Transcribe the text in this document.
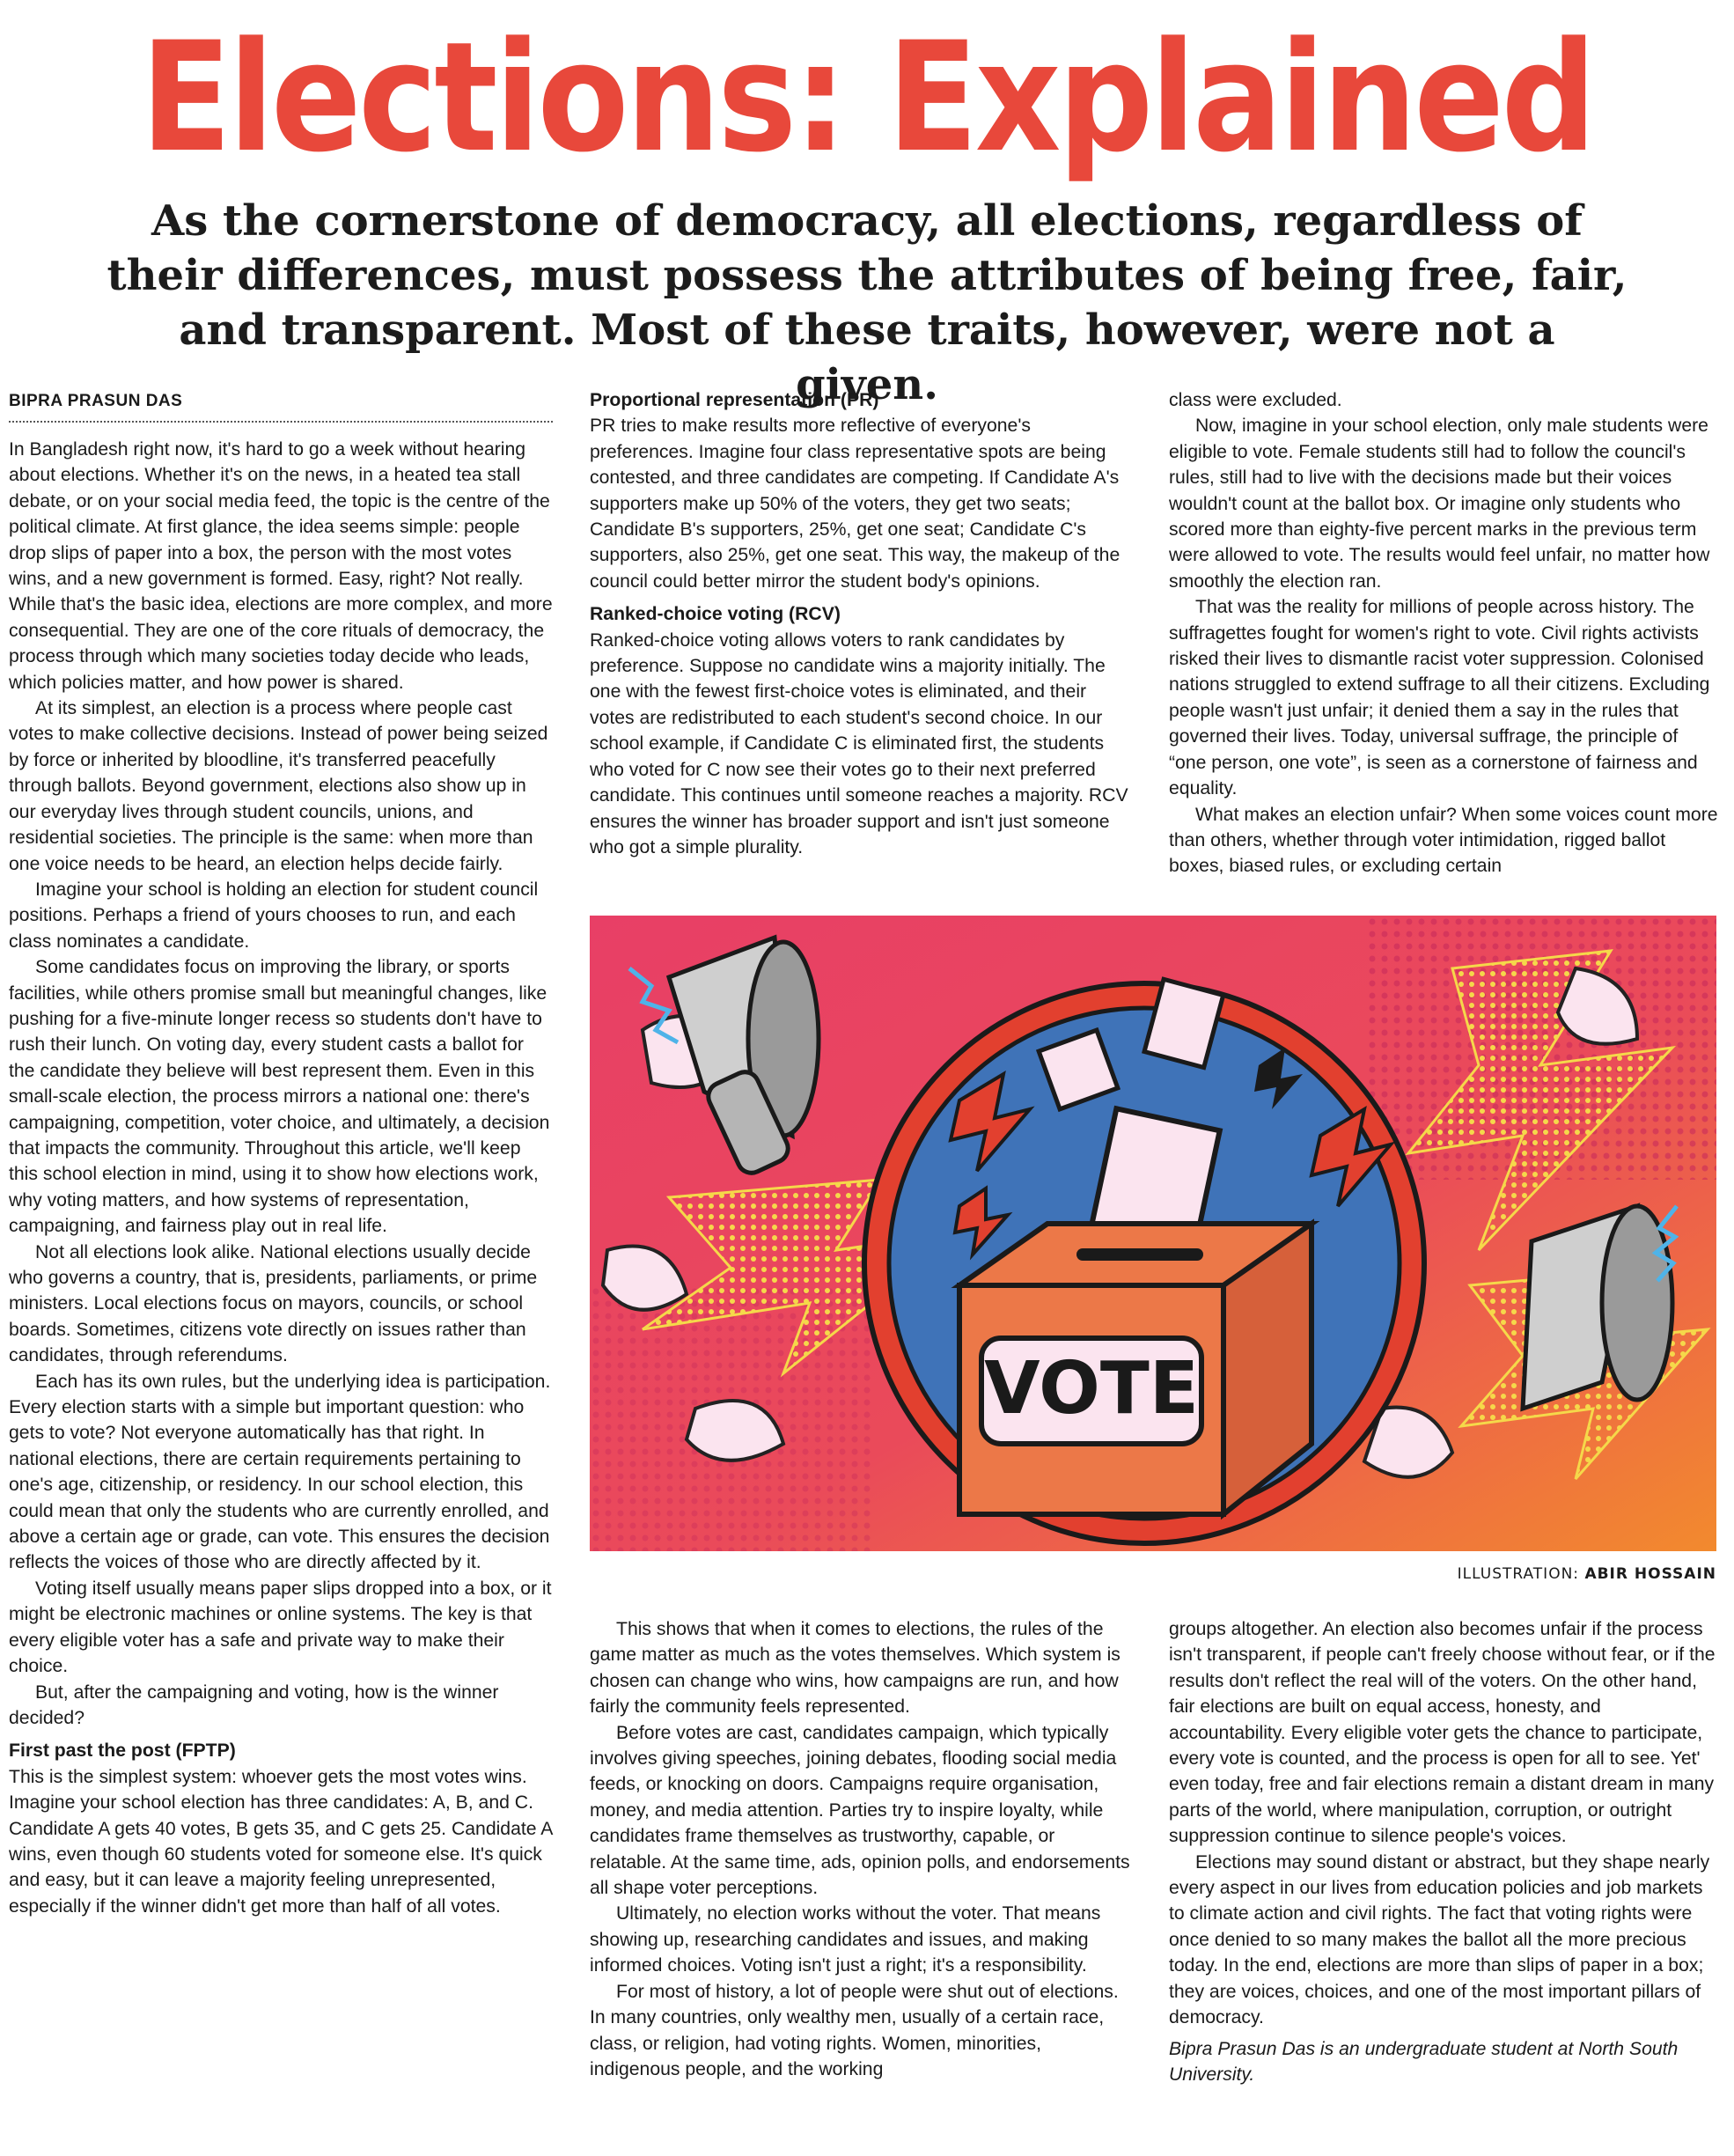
Elections: Explained
As the cornerstone of democracy, all elections, regardless of their differences, must possess the attributes of being free, fair, and transparent. Most of these traits, however, were not a given.
BIPRA PRASUN DAS

In Bangladesh right now, it's hard to go a week without hearing about elections. Whether it's on the news, in a heated tea stall debate, or on your social media feed, the topic is the centre of the political climate. At first glance, the idea seems simple: people drop slips of paper into a box, the person with the most votes wins, and a new government is formed. Easy, right? Not really. While that's the basic idea, elections are more complex, and more consequential. They are one of the core rituals of democracy, the process through which many societies today decide who leads, which policies matter, and how power is shared.

At its simplest, an election is a process where people cast votes to make collective decisions. Instead of power being seized by force or inherited by bloodline, it's transferred peacefully through ballots. Beyond government, elections also show up in our everyday lives through student councils, unions, and residential societies. The principle is the same: when more than one voice needs to be heard, an election helps decide fairly.

Imagine your school is holding an election for student council positions. Perhaps a friend of yours chooses to run, and each class nominates a candidate.

Some candidates focus on improving the library, or sports facilities, while others promise small but meaningful changes, like pushing for a five-minute longer recess so students don't have to rush their lunch. On voting day, every student casts a ballot for the candidate they believe will best represent them. Even in this small-scale election, the process mirrors a national one: there's campaigning, competition, voter choice, and ultimately, a decision that impacts the community. Throughout this article, we'll keep this school election in mind, using it to show how elections work, why voting matters, and how systems of representation, campaigning, and fairness play out in real life.

Not all elections look alike. National elections usually decide who governs a country, that is, presidents, parliaments, or prime ministers. Local elections focus on mayors, councils, or school boards. Sometimes, citizens vote directly on issues rather than candidates, through referendums.

Each has its own rules, but the underlying idea is participation. Every election starts with a simple but important question: who gets to vote? Not everyone automatically has that right. In national elections, there are certain requirements pertaining to one's age, citizenship, or residency. In our school election, this could mean that only the students who are currently enrolled, and above a certain age or grade, can vote. This ensures the decision reflects the voices of those who are directly affected by it.

Voting itself usually means paper slips dropped into a box, or it might be electronic machines or online systems. The key is that every eligible voter has a safe and private way to make their choice.

But, after the campaigning and voting, how is the winner decided?

First past the post (FPTP)

This is the simplest system: whoever gets the most votes wins. Imagine your school election has three candidates: A, B, and C. Candidate A gets 40 votes, B gets 35, and C gets 25. Candidate A wins, even though 60 students voted for someone else. It's quick and easy, but it can leave a majority feeling unrepresented, especially if the winner didn't get more than half of all votes.

Proportional representation (PR)

PR tries to make results more reflective of everyone's preferences. Imagine four class representative spots are being contested, and three candidates are competing. If Candidate A's supporters make up 50% of the voters, they get two seats; Candidate B's supporters, 25%, get one seat; Candidate C's supporters, also 25%, get one seat. This way, the makeup of the council could better mirror the student body's opinions.

Ranked-choice voting (RCV)

Ranked-choice voting allows voters to rank candidates by preference. Suppose no candidate wins a majority initially. The one with the fewest first-choice votes is eliminated, and their votes are redistributed to each student's second choice. In our school example, if Candidate C is eliminated first, the students who voted for C now see their votes go to their next preferred candidate. This continues until someone reaches a majority. RCV ensures the winner has broader support and isn't just someone who got a simple plurality.

class were excluded.

Now, imagine in your school election, only male students were eligible to vote. Female students still had to follow the council's rules, still had to live with the decisions made but their voices wouldn't count at the ballot box. Or imagine only students who scored more than eighty-five percent marks in the previous term were allowed to vote. The results would feel unfair, no matter how smoothly the election ran.

That was the reality for millions of people across history. The suffragettes fought for women's right to vote. Civil rights activists risked their lives to dismantle racist voter suppression. Colonised nations struggled to extend suffrage to all their citizens. Excluding people wasn't just unfair; it denied them a say in the rules that governed their lives. Today, universal suffrage, the principle of “one person, one vote”, is seen as a cornerstone of fairness and equality.

What makes an election unfair? When some voices count more than others, whether through voter intimidation, rigged ballot boxes, biased rules, or excluding certain

VOTE
ILLUSTRATION: ABIR HOSSAIN

This shows that when it comes to elections, the rules of the game matter as much as the votes themselves. Which system is chosen can change who wins, how campaigns are run, and how fairly the community feels represented.

Before votes are cast, candidates campaign, which typically involves giving speeches, joining debates, flooding social media feeds, or knocking on doors. Campaigns require organisation, money, and media attention. Parties try to inspire loyalty, while candidates frame themselves as trustworthy, capable, or relatable. At the same time, ads, opinion polls, and endorsements all shape voter perceptions.

Ultimately, no election works without the voter. That means showing up, researching candidates and issues, and making informed choices. Voting isn't just a right; it's a responsibility.

For most of history, a lot of people were shut out of elections. In many countries, only wealthy men, usually of a certain race, class, or religion, had voting rights. Women, minorities, indigenous people, and the working

groups altogether. An election also becomes unfair if the process isn't transparent, if people can't freely choose without fear, or if the results don't reflect the real will of the voters. On the other hand, fair elections are built on equal access, honesty, and accountability. Every eligible voter gets the chance to participate, every vote is counted, and the process is open for all to see. Yet' even today, free and fair elections remain a distant dream in many parts of the world, where manipulation, corruption, or outright suppression continue to silence people's voices.

Elections may sound distant or abstract, but they shape nearly every aspect in our lives from education policies and job markets to climate action and civil rights. The fact that voting rights were once denied to so many makes the ballot all the more precious today. In the end, elections are more than slips of paper in a box; they are voices, choices, and one of the most important pillars of democracy.

Bipra Prasun Das is an undergraduate student at North South University.
